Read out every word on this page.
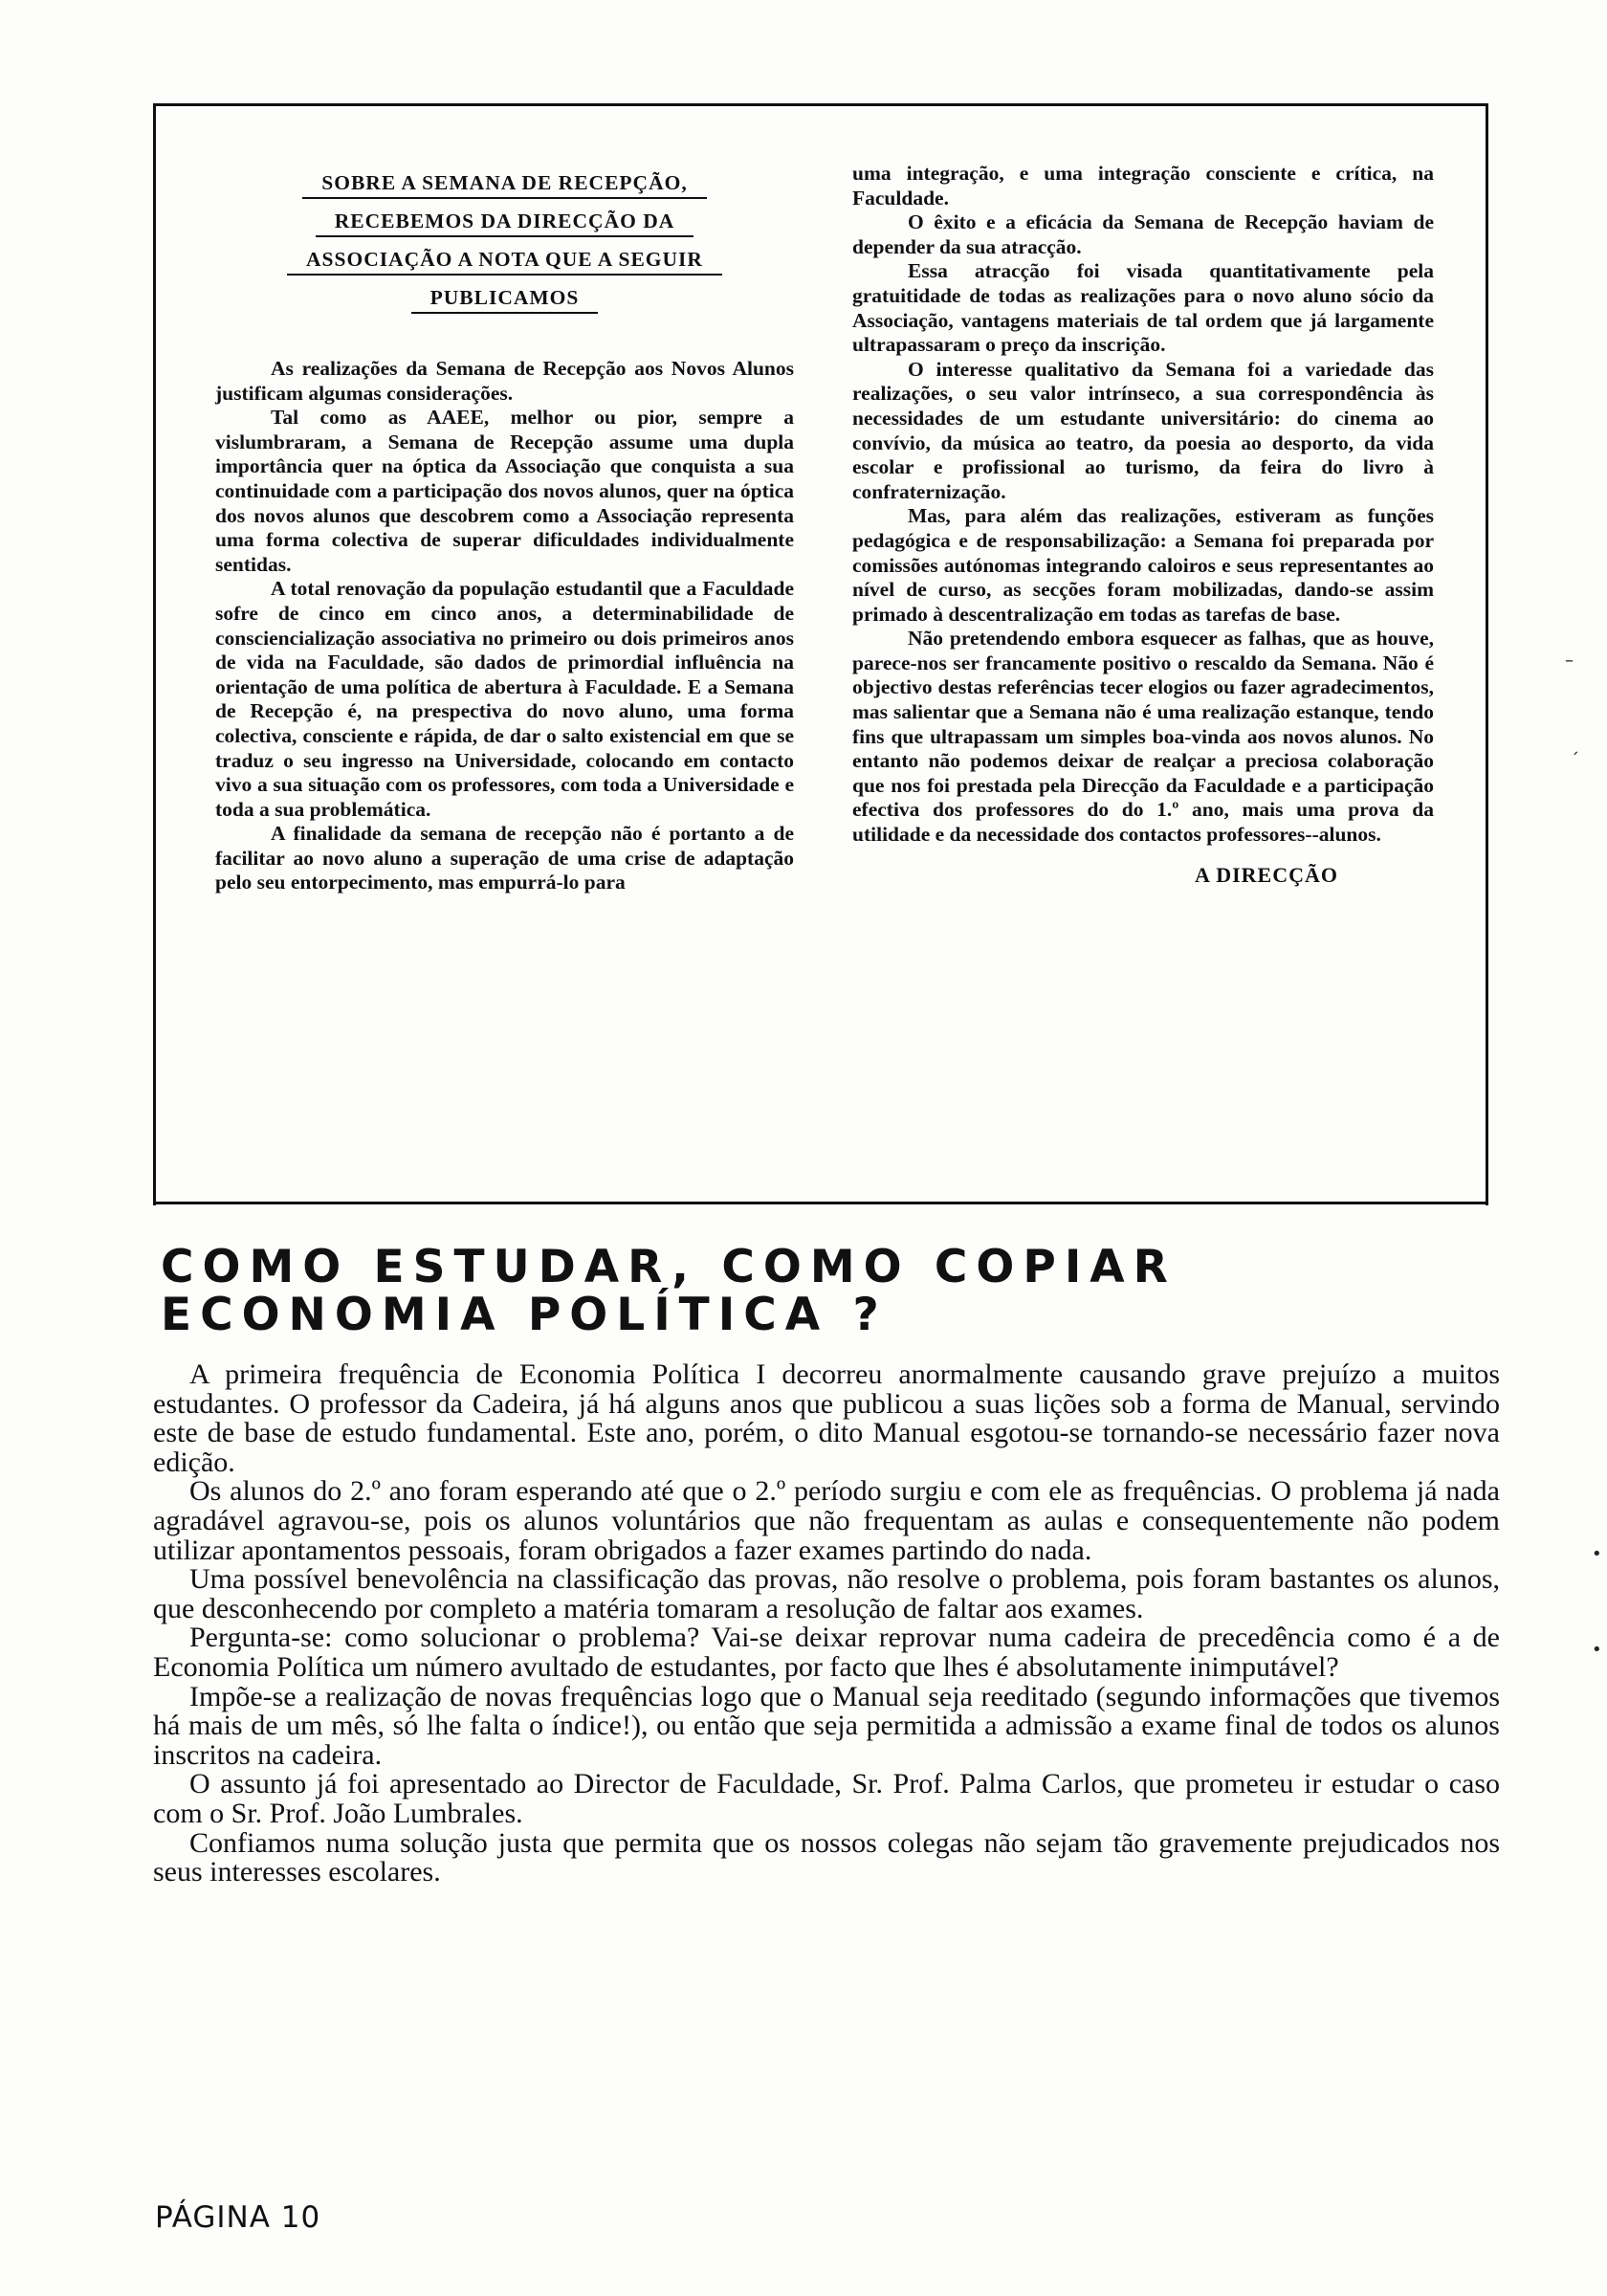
SOBRE A SEMANA DE RECEPÇÃO,
RECEBEMOS DA DIRECÇÃO DA
ASSOCIAÇÃO A NOTA QUE A SEGUIR
PUBLICAMOS

As realizações da Semana de Recepção aos Novos Alunos justificam algumas considerações.

Tal como as AAEE, melhor ou pior, sempre a vislumbraram, a Semana de Recepção assume uma dupla importância quer na óptica da Associação que conquista a sua continuidade com a participação dos novos alunos, quer na óptica dos novos alunos que descobrem como a Associação representa uma forma colectiva de superar dificuldades individualmente sentidas.

A total renovação da população estudantil que a Faculdade sofre de cinco em cinco anos, a determinabilidade de consciencialização associativa no primeiro ou dois primeiros anos de vida na Faculdade, são dados de primordial influência na orientação de uma política de abertura à Faculdade. E a Semana de Recepção é, na prespectiva do novo aluno, uma forma colectiva, consciente e rápida, de dar o salto existencial em que se traduz o seu ingresso na Universidade, colocando em contacto vivo a sua situação com os professores, com toda a Universidade e toda a sua problemática.

A finalidade da semana de recepção não é portanto a de facilitar ao novo aluno a superação de uma crise de adaptação pelo seu entorpecimento, mas empurrá-lo para

uma integração, e uma integração consciente e crítica, na Faculdade.

O êxito e a eficácia da Semana de Recepção haviam de depender da sua atracção.

Essa atracção foi visada quantitativamente pela gratuitidade de todas as realizações para o novo aluno sócio da Associação, vantagens materiais de tal ordem que já largamente ultrapassaram o preço da inscrição.

O interesse qualitativo da Semana foi a variedade das realizações, o seu valor intrínseco, a sua correspondência às necessidades de um estudante universitário: do cinema ao convívio, da música ao teatro, da poesia ao desporto, da vida escolar e profissional ao turismo, da feira do livro à confraternização.

Mas, para além das realizações, estiveram as funções pedagógica e de responsabilização: a Semana foi preparada por comissões autónomas integrando caloiros e seus representantes ao nível de curso, as secções foram mobilizadas, dando-se assim primado à descentralização em todas as tarefas de base.

Não pretendendo embora esquecer as falhas, que as houve, parece-nos ser francamente positivo o rescaldo da Semana. Não é objectivo destas referências tecer elogios ou fazer agradecimentos, mas salientar que a Semana não é uma realização estanque, tendo fins que ultrapassam um simples boa-vinda aos novos alunos. No entanto não podemos deixar de realçar a preciosa colaboração que nos foi prestada pela Direcção da Faculdade e a participação efectiva dos professores do do 1.º ano, mais uma prova da utilidade e da necessidade dos contactos professores--alunos.

A DIRECÇÃO
COMO ESTUDAR, COMO COPIAR
ECONOMIA POLÍTICA ?

A primeira frequência de Economia Política I decorreu anormalmente causando grave prejuízo a muitos estudantes. O professor da Cadeira, já há alguns anos que publicou a suas lições sob a forma de Manual, servindo este de base de estudo fundamental. Este ano, porém, o dito Manual esgotou-se tornando-se necessário fazer nova edição.

Os alunos do 2.º ano foram esperando até que o 2.º período surgiu e com ele as frequências. O problema já nada agradável agravou-se, pois os alunos voluntários que não frequentam as aulas e consequentemente não podem utilizar apontamentos pessoais, foram obrigados a fazer exames partindo do nada.

Uma possível benevolência na classificação das provas, não resolve o problema, pois foram bastantes os alunos, que desconhecendo por completo a matéria tomaram a resolução de faltar aos exames.

Pergunta-se: como solucionar o problema? Vai-se deixar reprovar numa cadeira de precedência como é a de Economia Política um número avultado de estudantes, por facto que lhes é absolutamente inimputável?

Impõe-se a realização de novas frequências logo que o Manual seja reeditado (segundo informações que tivemos há mais de um mês, só lhe falta o índice!), ou então que seja permitida a admissão a exame final de todos os alunos inscritos na cadeira.

O assunto já foi apresentado ao Director de Faculdade, Sr. Prof. Palma Carlos, que prometeu ir estudar o caso com o Sr. Prof. João Lumbrales.

Confiamos numa solução justa que permita que os nossos colegas não sejam tão gravemente prejudicados nos seus interesses escolares.

PÁGINA 10
–
ˊ
•
•
